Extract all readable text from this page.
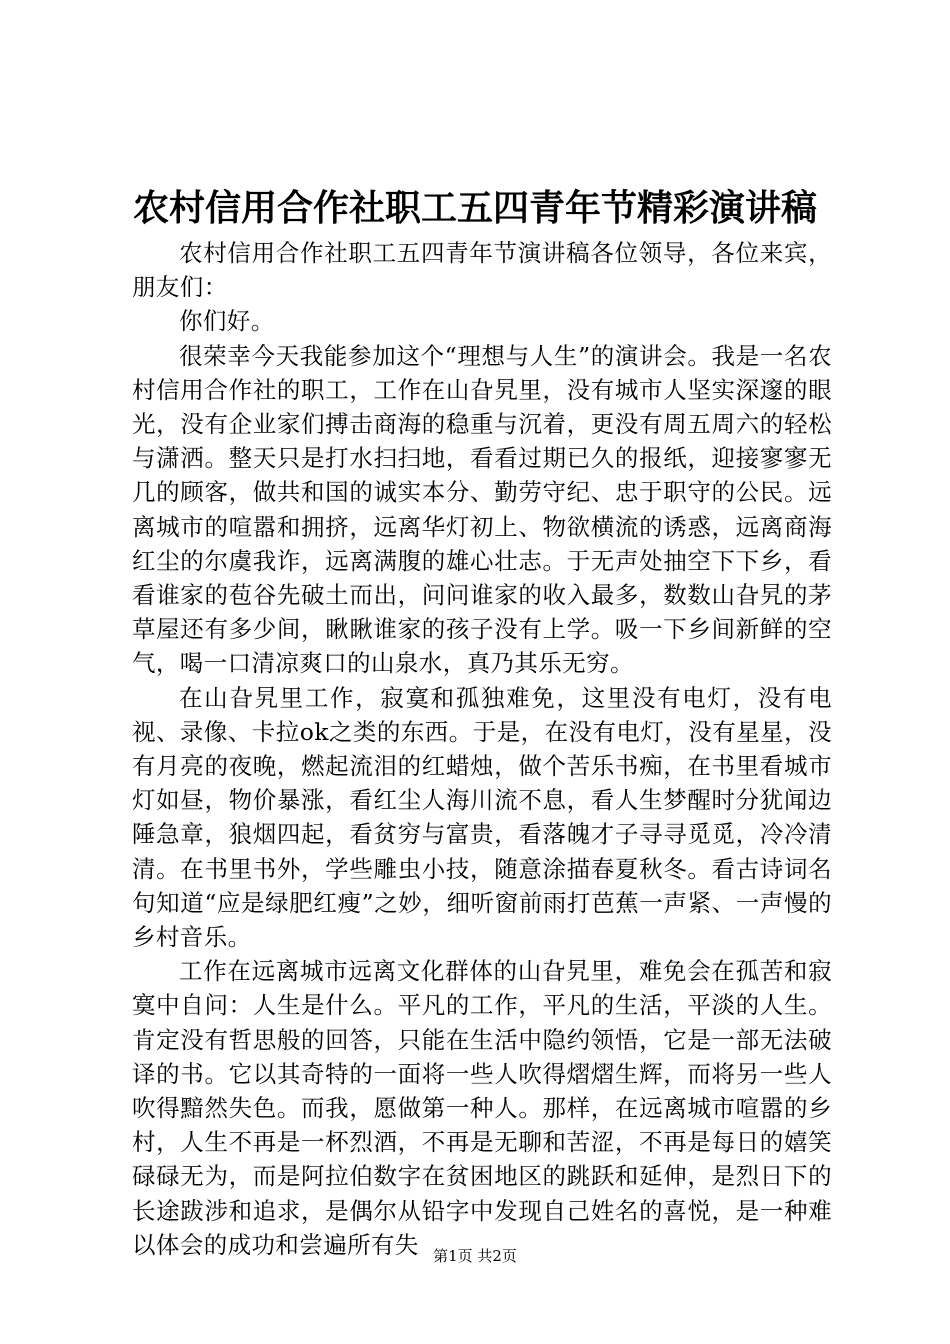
农村信用合作社职工五四青年节精彩演讲稿

农村信用合作社职工五四青年节演讲稿各位领导，各位来宾，朋友们：

你们好。

很荣幸今天我能参加这个“理想与人生”的演讲会。我是一名农村信用合作社的职工，工作在山旮旯里，没有城市人坚实深邃的眼光，没有企业家们搏击商海的稳重与沉着，更没有周五周六的轻松与潇洒。整天只是打水扫扫地，看看过期已久的报纸，迎接寥寥无几的顾客，做共和国的诚实本分、勤劳守纪、忠于职守的公民。远离城市的喧嚣和拥挤，远离华灯初上、物欲横流的诱惑，远离商海红尘的尔虞我诈，远离满腹的雄心壮志。于无声处抽空下下乡，看看谁家的苞谷先破土而出，问问谁家的收入最多，数数山旮旯的茅草屋还有多少间，瞅瞅谁家的孩子没有上学。吸一下乡间新鲜的空气，喝一口清凉爽口的山泉水，真乃其乐无穷。

在山旮旯里工作，寂寞和孤独难免，这里没有电灯，没有电视、录像、卡拉ok之类的东西。于是，在没有电灯，没有星星，没有月亮的夜晚，燃起流泪的红蜡烛，做个苦乐书痴，在书里看城市灯如昼，物价暴涨，看红尘人海川流不息，看人生梦醒时分犹闻边陲急章，狼烟四起，看贫穷与富贵，看落魄才子寻寻觅觅，冷冷清清。在书里书外，学些雕虫小技，随意涂描春夏秋冬。看古诗词名句知道“应是绿肥红瘦”之妙，细听窗前雨打芭蕉一声紧、一声慢的乡村音乐。

工作在远离城市远离文化群体的山旮旯里，难免会在孤苦和寂寞中自问：人生是什么。平凡的工作，平凡的生活，平淡的人生。肯定没有哲思般的回答，只能在生活中隐约领悟，它是一部无法破译的书。它以其奇特的一面将一些人吹得熠熠生辉，而将另一些人吹得黯然失色。而我，愿做第一种人。那样，在远离城市喧嚣的乡村，人生不再是一杯烈酒，不再是无聊和苦涩，不再是每日的嬉笑碌碌无为，而是阿拉伯数字在贫困地区的跳跃和延伸，是烈日下的长途跋涉和追求，是偶尔从铅字中发现自己姓名的喜悦，是一种难以体会的成功和尝遍所有失 第1页 共2页
